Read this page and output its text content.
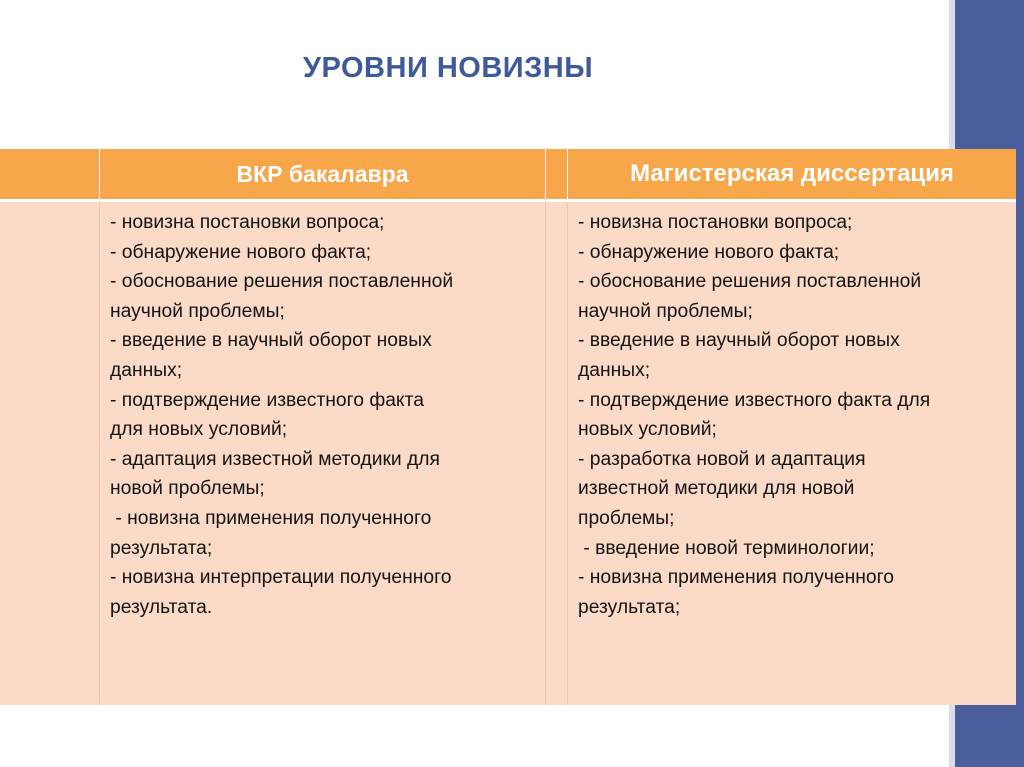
УРОВНИ НОВИЗНЫ
ВКР бакалавра	Магистерская диссертация
- новизна постановки вопроса;
- обнаружение нового факта;
- обоснование решения поставленной
научной проблемы;
- введение в научный оборот новых
данных;
- подтверждение известного факта
для новых условий;
- адаптация известной методики для
новой проблемы;
- новизна применения полученного
результата;
- новизна интерпретации полученного
результата.
- новизна постановки вопроса;
- обнаружение нового факта;
- обоснование решения поставленной
научной проблемы;
- введение в научный оборот новых
данных;
- подтверждение известного факта для
новых условий;
- разработка новой и адаптация
известной методики для новой
проблемы;
- введение новой терминологии;
- новизна применения полученного
результата;
